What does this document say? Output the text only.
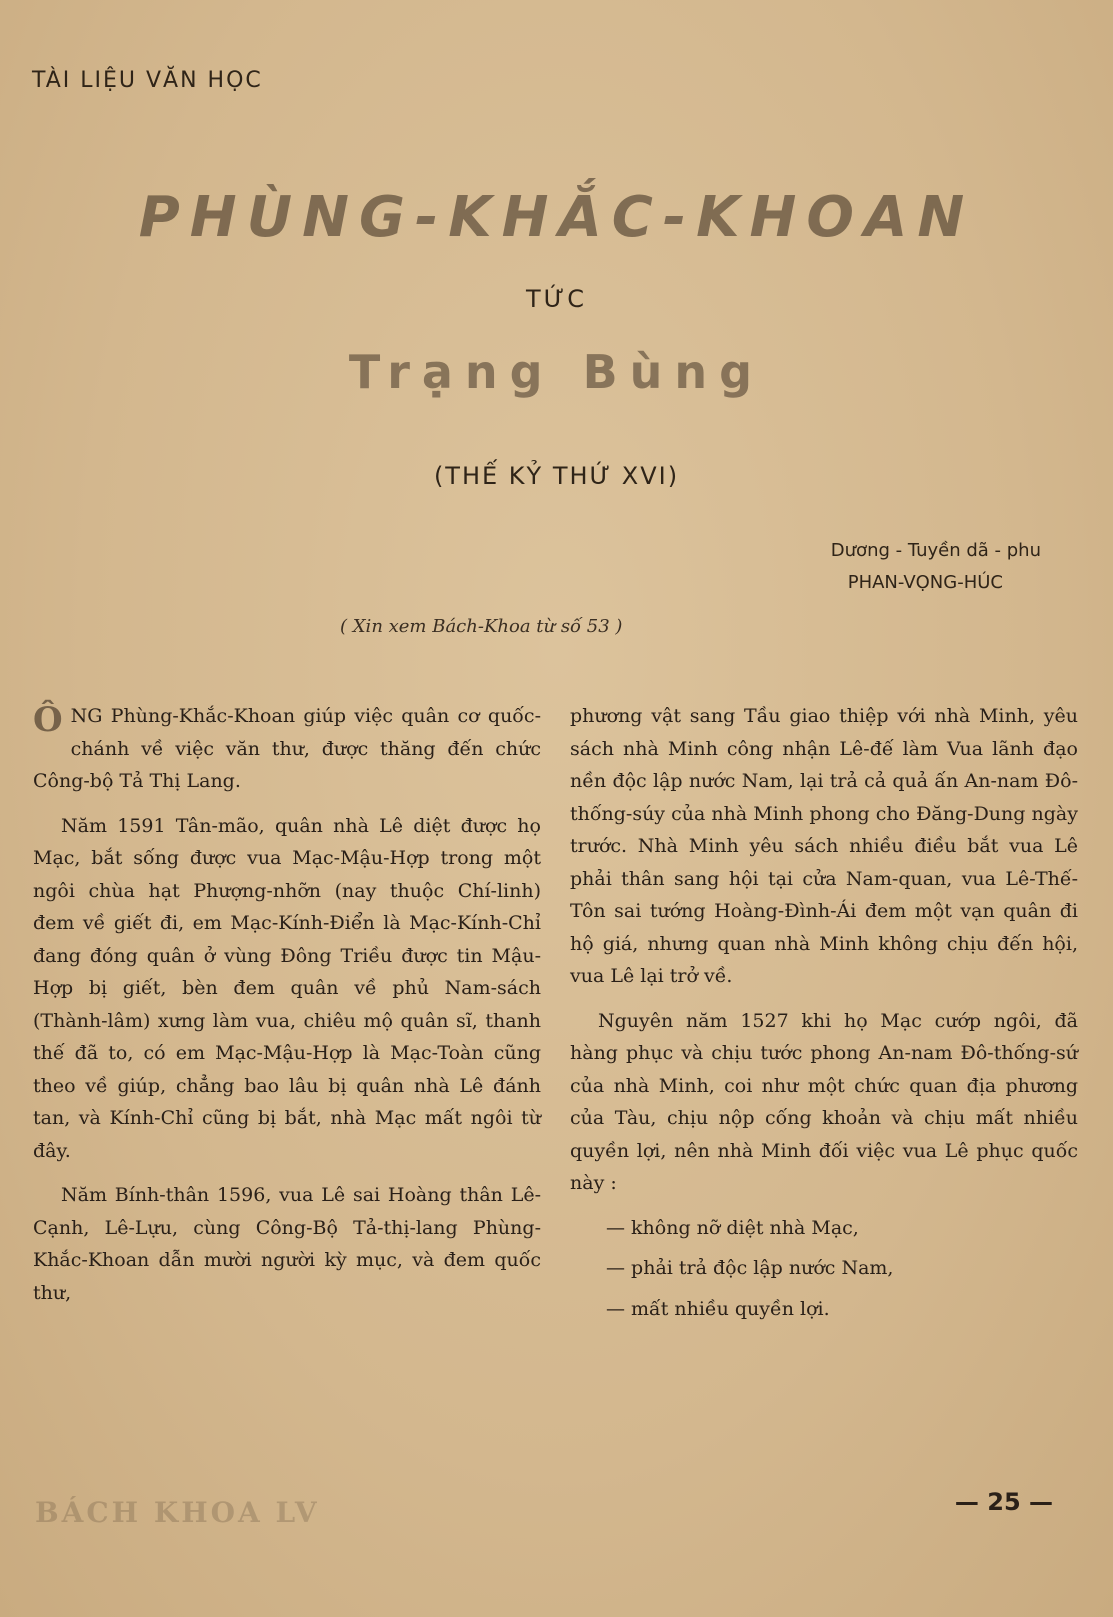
TÀI LIỆU VĂN HỌC
PHÙNG-KHẮC-KHOAN
TỨC
Trạng Bùng
(THẾ KỶ THỨ XVI)
Dương - Tuyền dã - phu
PHAN-VỌNG-HÚC
( Xin xem Bách-Khoa từ số 53 )

ÔNG Phùng-Khắc-Khoan giúp việc quân cơ quốc-chánh về việc văn thư, được thăng đến chức Công-bộ Tả Thị Lang.

Năm 1591 Tân-mão, quân nhà Lê diệt được họ Mạc, bắt sống được vua Mạc-Mậu-Hợp trong một ngôi chùa hạt Phượng-nhỡn (nay thuộc Chí-linh) đem về giết đi, em Mạc-Kính-Điển là Mạc-Kính-Chỉ đang đóng quân ở vùng Đông Triều được tin Mậu-Hợp bị giết, bèn đem quân về phủ Nam-sách (Thành-lâm) xưng làm vua, chiêu mộ quân sĩ, thanh thế đã to, có em Mạc-Mậu-Hợp là Mạc-Toàn cũng theo về giúp, chẳng bao lâu bị quân nhà Lê đánh tan, và Kính-Chỉ cũng bị bắt, nhà Mạc mất ngôi từ đây.

Năm Bính-thân 1596, vua Lê sai Hoàng thân Lê-Cạnh, Lê-Lựu, cùng Công-Bộ Tả-thị-lang Phùng-Khắc-Khoan dẫn mười người kỳ mục, và đem quốc thư,

phương vật sang Tầu giao thiệp với nhà Minh, yêu sách nhà Minh công nhận Lê-đế làm Vua lãnh đạo nền độc lập nước Nam, lại trả cả quả ấn An-nam Đô-thống-súy của nhà Minh phong cho Đăng-Dung ngày trước. Nhà Minh yêu sách nhiều điều bắt vua Lê phải thân sang hội tại cửa Nam-quan, vua Lê-Thế-Tôn sai tướng Hoàng-Đình-Ái đem một vạn quân đi hộ giá, nhưng quan nhà Minh không chịu đến hội, vua Lê lại trở về.

Nguyên năm 1527 khi họ Mạc cướp ngôi, đã hàng phục và chịu tước phong An-nam Đô-thống-sứ của nhà Minh, coi như một chức quan địa phương của Tàu, chịu nộp cống khoản và chịu mất nhiều quyền lợi, nên nhà Minh đối việc vua Lê phục quốc này :

— không nỡ diệt nhà Mạc,
— phải trả độc lập nước Nam,
— mất nhiều quyền lợi.
BÁCH KHOA LV	— 25 —
